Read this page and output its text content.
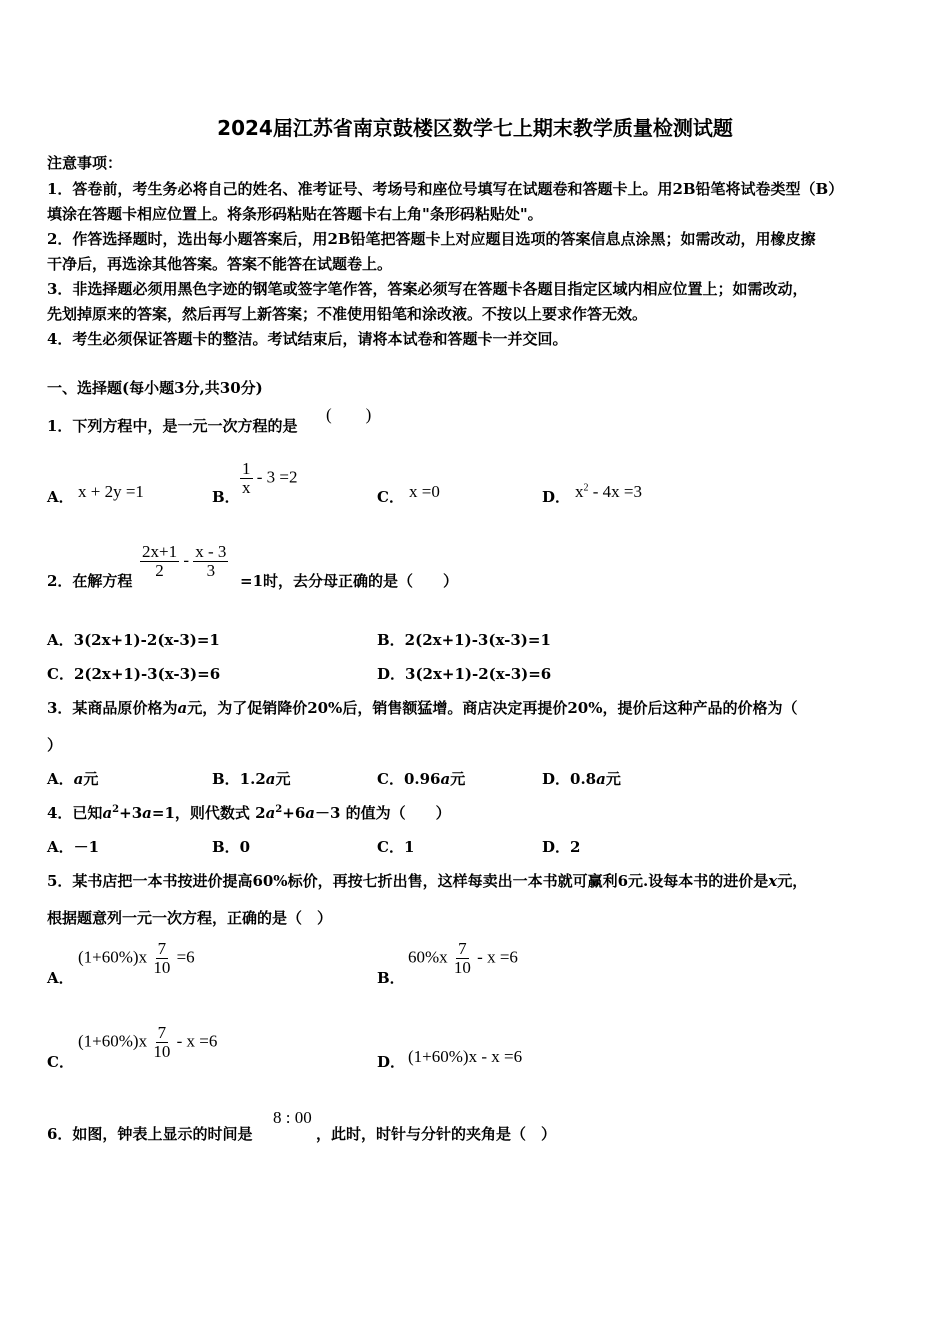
2024届江苏省南京鼓楼区数学七上期末教学质量检测试题
注意事项：
1．答卷前，考生务必将自己的姓名、准考证号、考场号和座位号填写在试题卷和答题卡上。用2B铅笔将试卷类型（B）
填涂在答题卡相应位置上。将条形码粘贴在答题卡右上角"条形码粘贴处"。
2．作答选择题时，选出每小题答案后，用2B铅笔把答题卡上对应题目选项的答案信息点涂黑；如需改动，用橡皮擦
干净后，再选涂其他答案。答案不能答在试题卷上。
3．非选择题必须用黑色字迹的钢笔或签字笔作答，答案必须写在答题卡各题目指定区域内相应位置上；如需改动，
先划掉原来的答案，然后再写上新答案；不准使用铅笔和涂改液。不按以上要求作答无效。
4．考生必须保证答题卡的整洁。考试结束后，请将本试卷和答题卡一并交回。
一、选择题(每小题3分,共30分)
1．下列方程中，是一元一次方程的是
(　　)
A． x + 2y =1	B．
$\frac{1}{x} - 3 =2$
C． x =0	D． $x^2 - 4x =3$
2．在解方程
$\frac{2x+1}{2} - \frac{x - 3}{3}$
=1时，去分母正确的是（　　）
A．3(2x+1)-2(x-3)=1	B．2(2x+1)-3(x-3)=1
C．2(2x+1)-3(x-3)=6	D．3(2x+1)-2(x-3)=6
3．某商品原价格为a元，为了促销降价20%后，销售额猛增。商店决定再提价20%，提价后这种产品的价格为（
）
A．a元	B．1.2a元	C．0.96a元	D．0.8a元
4．已知$a^2+3a=1$，则代数式 $2a^2+6a-3$ 的值为（　　）
A．－1	B．0	C．1	D．2
5．某书店把一本书按进价提高60%标价，再按七折出售，这样每卖出一本书就可赢利6元.设每本书的进价是x元，
根据题意列一元一次方程，正确的是（　）
A．
$(1+60\%)x \frac{7}{10} =6$
B．
$60\%x \frac{7}{10} - x =6$
C．
$(1+60\%)x \frac{7}{10} - x =6$
D． (1+60%)x - x =6
6．如图，钟表上显示的时间是
8 : 00
，此时，时针与分针的夹角是（　）
